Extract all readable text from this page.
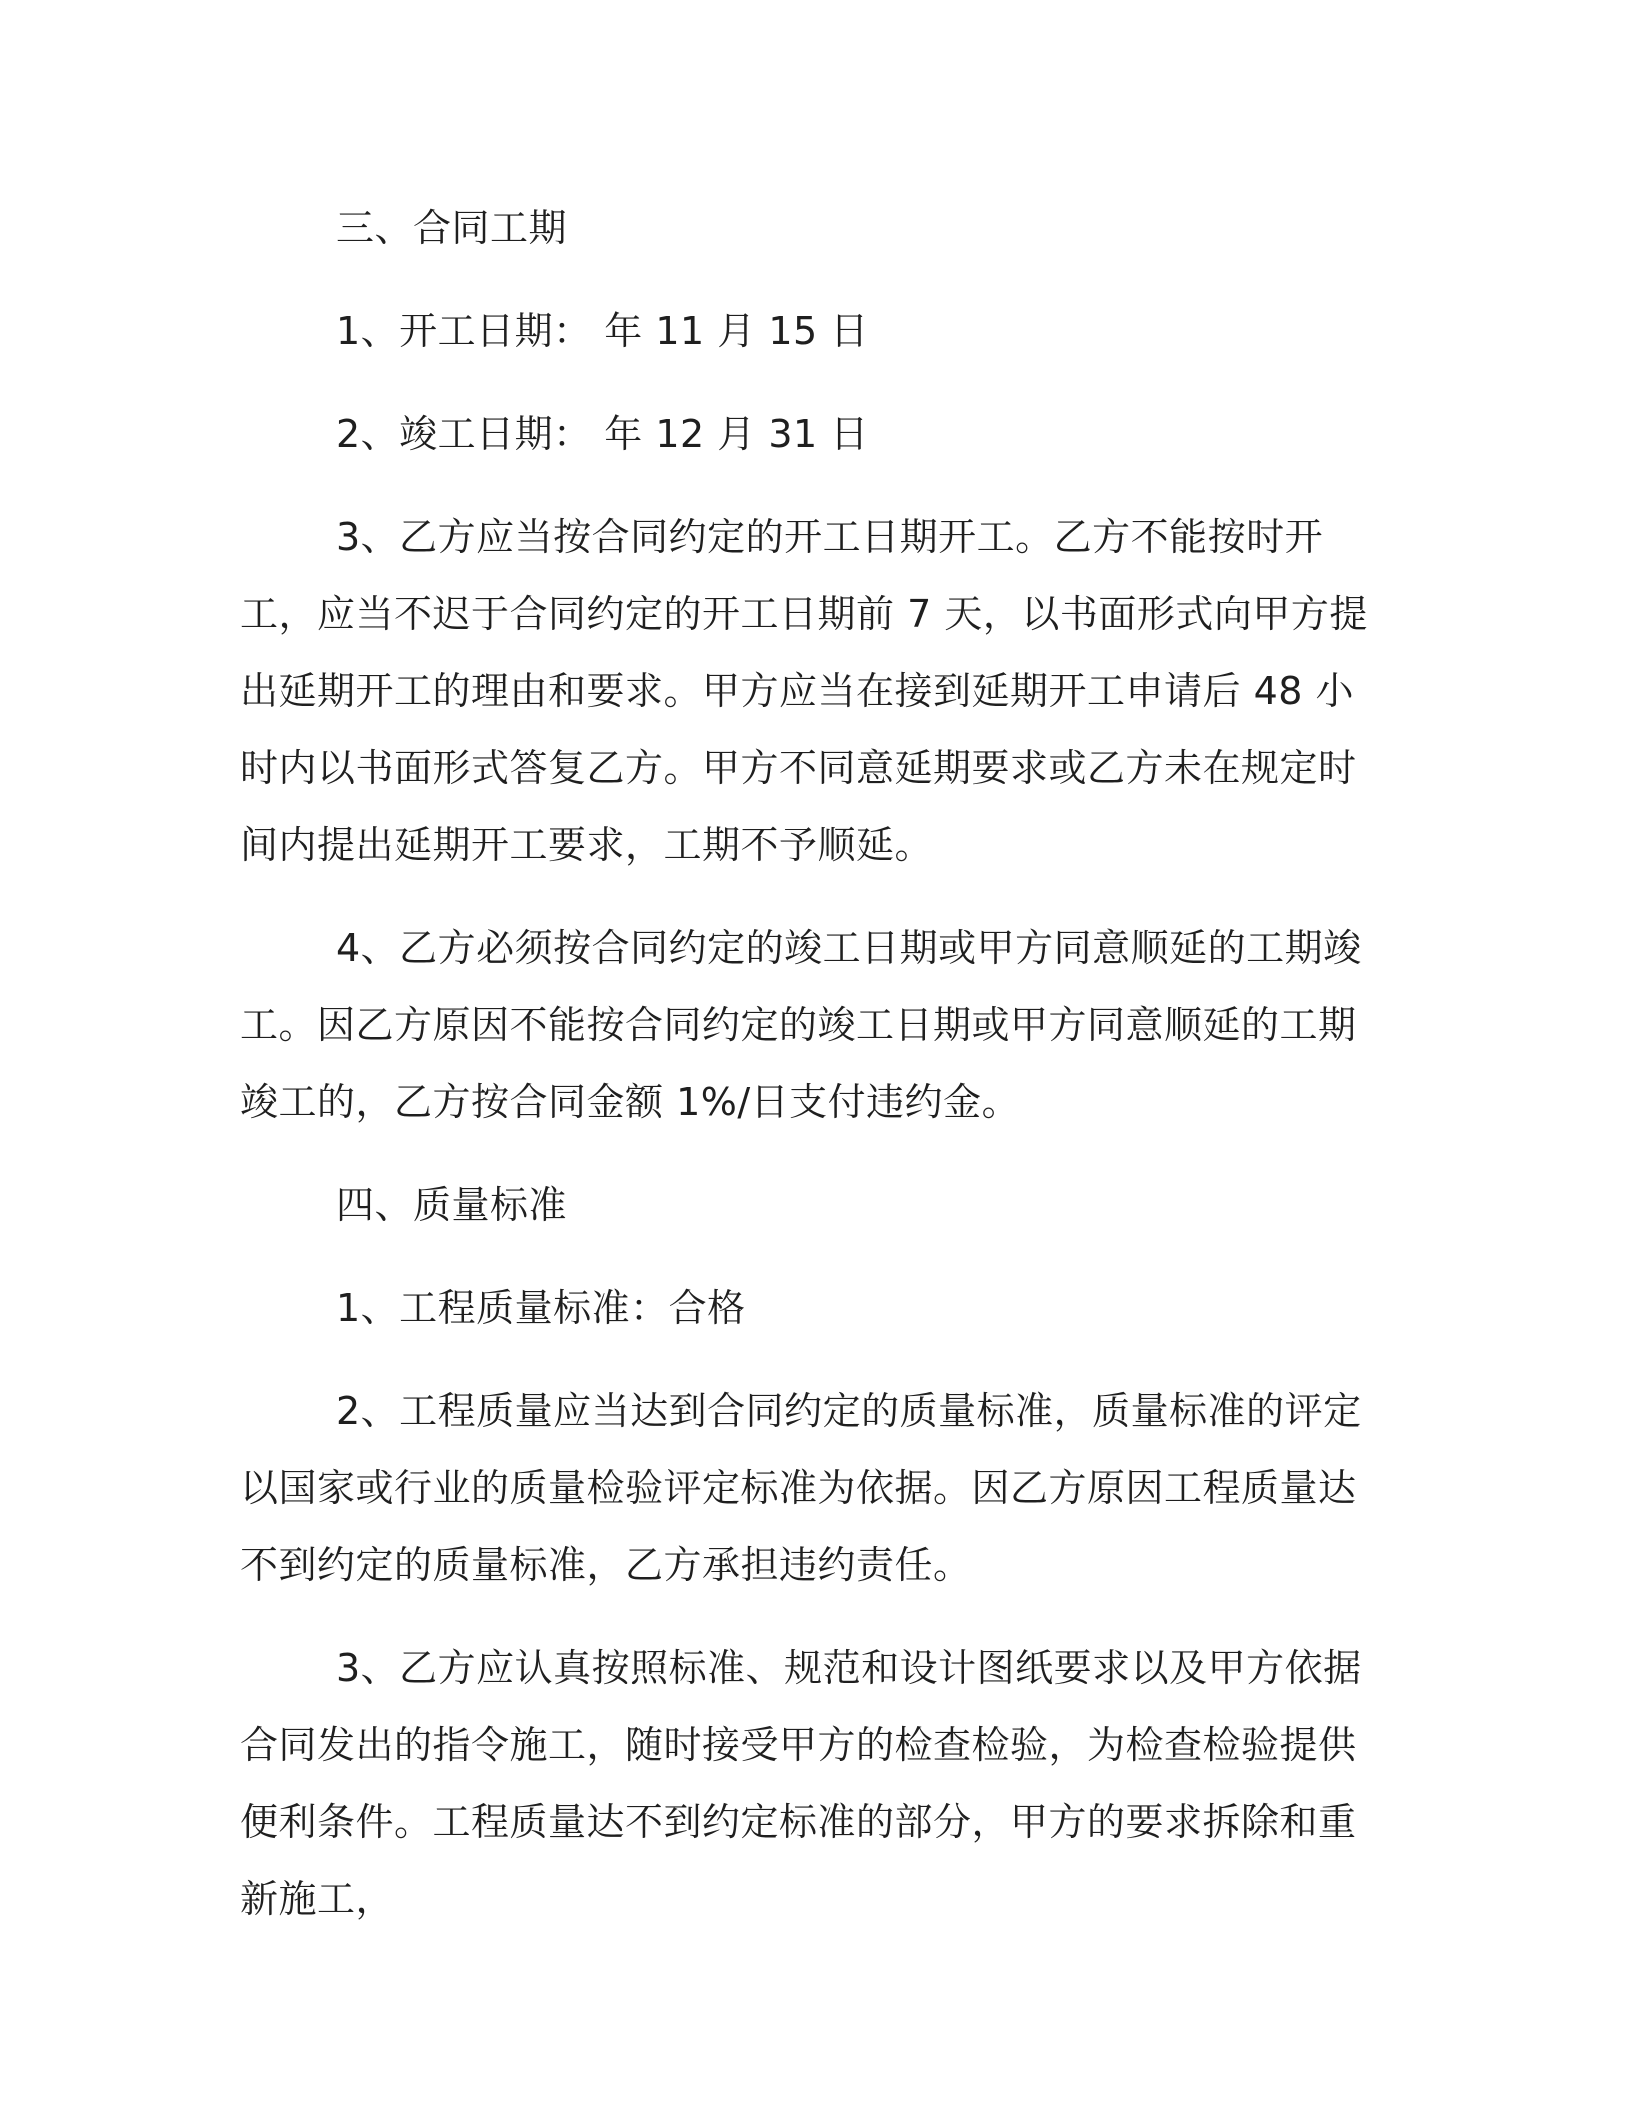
三、合同工期

1、开工日期： 年 11 月 15 日

2、竣工日期： 年 12 月 31 日

3、乙方应当按合同约定的开工日期开工。乙方不能按时开工，应当不迟于合同约定的开工日期前 7 天，以书面形式向甲方提出延期开工的理由和要求。甲方应当在接到延期开工申请后 48 小时内以书面形式答复乙方。甲方不同意延期要求或乙方未在规定时间内提出延期开工要求，工期不予顺延。

4、乙方必须按合同约定的竣工日期或甲方同意顺延的工期竣工。因乙方原因不能按合同约定的竣工日期或甲方同意顺延的工期竣工的，乙方按合同金额 1%/日支付违约金。

四、质量标准

1、工程质量标准：合格

2、工程质量应当达到合同约定的质量标准，质量标准的评定以国家或行业的质量检验评定标准为依据。因乙方原因工程质量达不到约定的质量标准，乙方承担违约责任。

3、乙方应认真按照标准、规范和设计图纸要求以及甲方依据合同发出的指令施工，随时接受甲方的检查检验，为检查检验提供便利条件。工程质量达不到约定标准的部分，甲方的要求拆除和重新施工，
